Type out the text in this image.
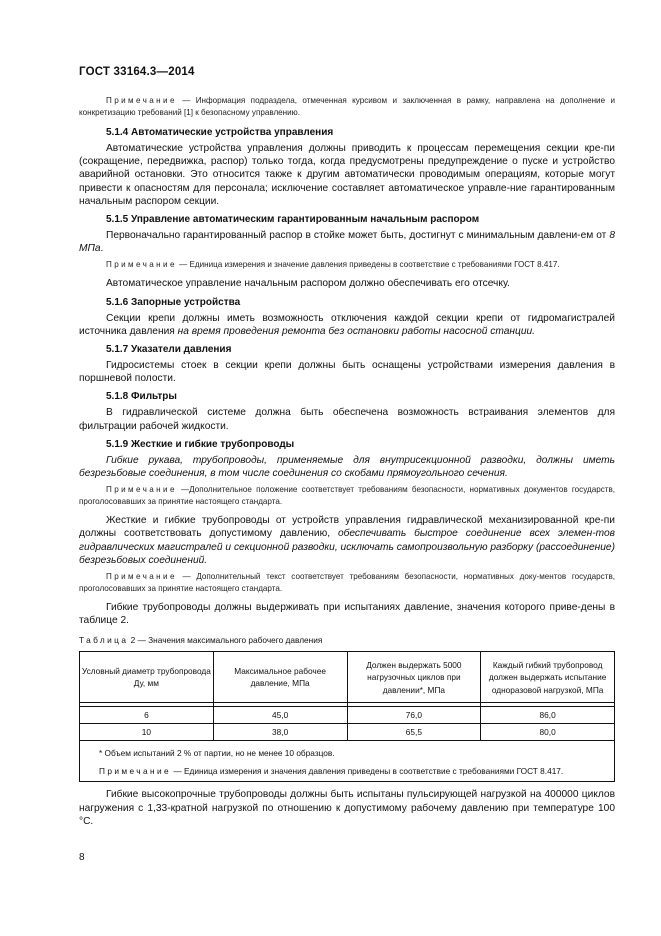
ГОСТ 33164.3—2014

Примечание — Информация подраздела, отмеченная курсивом и заключенная в рамку, направлена на дополнение и конкретизацию требований [1] к безопасному управлению.

5.1.4 Автоматические устройства управления

Автоматические устройства управления должны приводить к процессам перемещения секции кре-пи (сокращение, передвижка, распор) только тогда, когда предусмотрены предупреждение о пуске и устройство аварийной остановки. Это относится также к другим автоматически проводимым операциям, которые могут привести к опасностям для персонала; исключение составляет автоматическое управле-ние гарантированным начальным распором секции.

5.1.5 Управление автоматическим гарантированным начальным распором

Первоначально гарантированный распор в стойке может быть, достигнут с минимальным давлени-ем от 8 МПа.

Примечание — Единица измерения и значение давления приведены в соответствие с требованиями ГОСТ 8.417.

Автоматическое управление начальным распором должно обеспечивать его отсечку.

5.1.6 Запорные устройства

Секции крепи должны иметь возможность отключения каждой секции крепи от гидромагистралей источника давления на время проведения ремонта без остановки работы насосной станции.

5.1.7 Указатели давления

Гидросистемы стоек в секции крепи должны быть оснащены устройствами измерения давления в поршневой полости.

5.1.8 Фильтры

В гидравлической системе должна быть обеспечена возможность встраивания элементов для фильтрации рабочей жидкости.

5.1.9 Жесткие и гибкие трубопроводы

Гибкие рукава, трубопроводы, применяемые для внутрисекционной разводки, должны иметь безрезьбовые соединения, в том числе соединения со скобами прямоугольного сечения.

Примечание —Дополнительное положение соответствует требованиям безопасности, нормативных документов государств, проголосовавших за принятие настоящего стандарта.

Жесткие и гибкие трубопроводы от устройств управления гидравлической механизированной кре-пи должны соответствовать допустимому давлению, обеспечивать быстрое соединение всех элемен-тов гидравлических магистралей и секционной разводки, исключать самопроизвольную разборку (рассоединение) безрезьбовых соединений.

Примечание — Дополнительный текст соответствует требованиям безопасности, нормативных доку-ментов государств, проголосовавших за принятие настоящего стандарта.

Гибкие трубопроводы должны выдерживать при испытаниях давление, значения которого приве-дены в таблице 2.

Таблица 2 — Значения максимального рабочего давления
Условный диаметр трубопровода Ду, мм	Максимальное рабочее давление, МПа	Должен выдержать 5000 нагрузочных циклов при давлении*, МПа	Каждый гибкий трубопровод должен выдержать испытание одноразовой нагрузкой, МПа

6	45,0	76,0	86,0
10	38,0	65,5	80,0

* Объем испытаний 2 % от партии, но не менее 10 образцов.
Примечание — Единица измерения и значения давления приведены в соответствие с требованиями ГОСТ 8.417.			

Гибкие высокопрочные трубопроводы должны быть испытаны пульсирующей нагрузкой на 400000 циклов нагружения с 1,33-кратной нагрузкой по отношению к допустимому рабочему давлению при температуре 100 °С.

8
